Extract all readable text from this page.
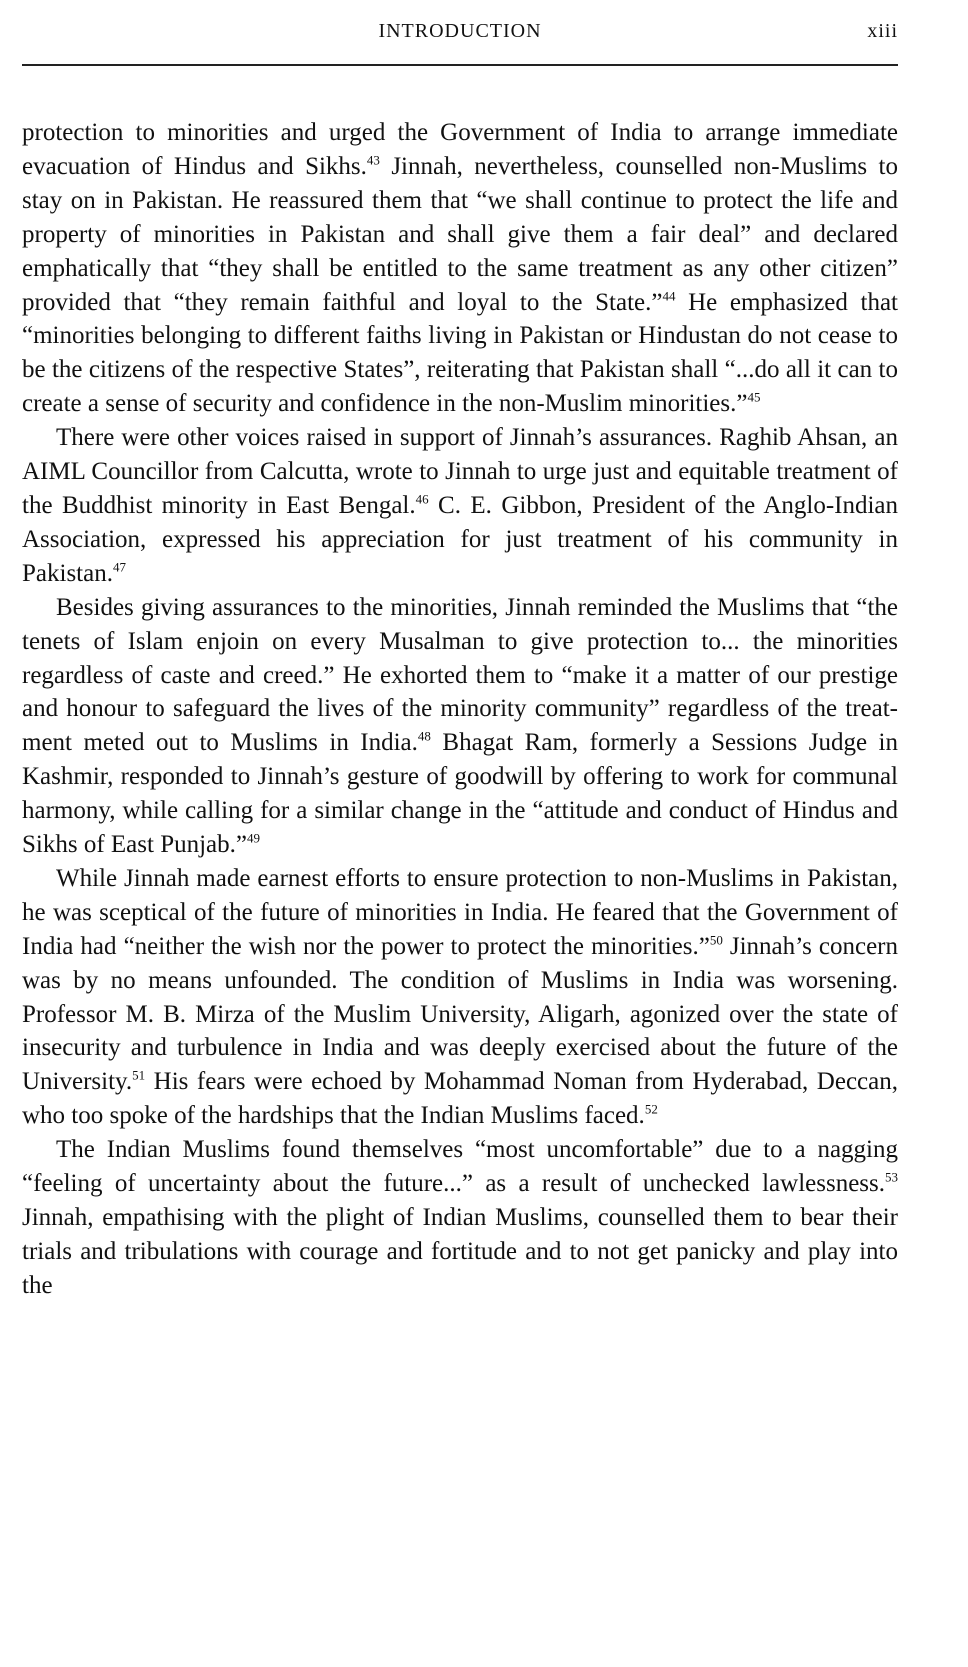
INTRODUCTION	xiii

protection to minorities and urged the Government of India to arrange immediate evacuation of Hindus and Sikhs.$^{43}$ Jinnah, nevertheless, counselled non-Muslims to stay on in Pakistan. He reassured them that “we shall continue to protect the life and property of minorities in Pakistan and shall give them a fair deal” and declared emphatically that “they shall be entitled to the same treatment as any other citizen” provided that “they remain faithful and loyal to the State.”$^{44}$ He emphasized that “minorities belonging to different faiths living in Pakistan or Hindustan do not cease to be the citizens of the respective States”, reiterating that Pakistan shall “...do all it can to create a sense of security and confidence in the non-Muslim minorities.”$^{45}$

There were other voices raised in support of Jinnah’s assurances. Raghib Ahsan, an AIML Councillor from Calcutta, wrote to Jinnah to urge just and equitable treatment of the Buddhist minority in East Bengal.$^{46}$ C. E. Gibbon, President of the Anglo-Indian Association, expressed his appreciation for just treatment of his community in Pakistan.$^{47}$

Besides giving assurances to the minorities, Jinnah reminded the Muslims that “the tenets of Islam enjoin on every Musalman to give protection to... the minorities regardless of caste and creed.” He exhorted them to “make it a matter of our prestige and honour to safeguard the lives of the minority community” regardless of the treatment meted out to Muslims in India.$^{48}$ Bhagat Ram, formerly a Sessions Judge in Kashmir, responded to Jinnah’s gesture of goodwill by offering to work for communal harmony, while calling for a similar change in the “attitude and conduct of Hindus and Sikhs of East Punjab.”$^{49}$

While Jinnah made earnest efforts to ensure protection to non-Muslims in Pakistan, he was sceptical of the future of minorities in India. He feared that the Government of India had “neither the wish nor the power to protect the minorities.”$^{50}$ Jinnah’s concern was by no means unfounded. The condition of Muslims in India was worsening. Professor M. B. Mirza of the Muslim University, Aligarh, agonized over the state of insecurity and turbulence in India and was deeply exercised about the future of the University.$^{51}$ His fears were echoed by Mohammad Noman from Hyderabad, Deccan, who too spoke of the hardships that the Indian Muslims faced.$^{52}$

The Indian Muslims found themselves “most uncomfortable” due to a nagging “feeling of uncertainty about the future...” as a result of unchecked lawlessness.$^{53}$ Jinnah, empathising with the plight of Indian Muslims, counselled them to bear their trials and tribulations with courage and fortitude and to not get panicky and play into the
